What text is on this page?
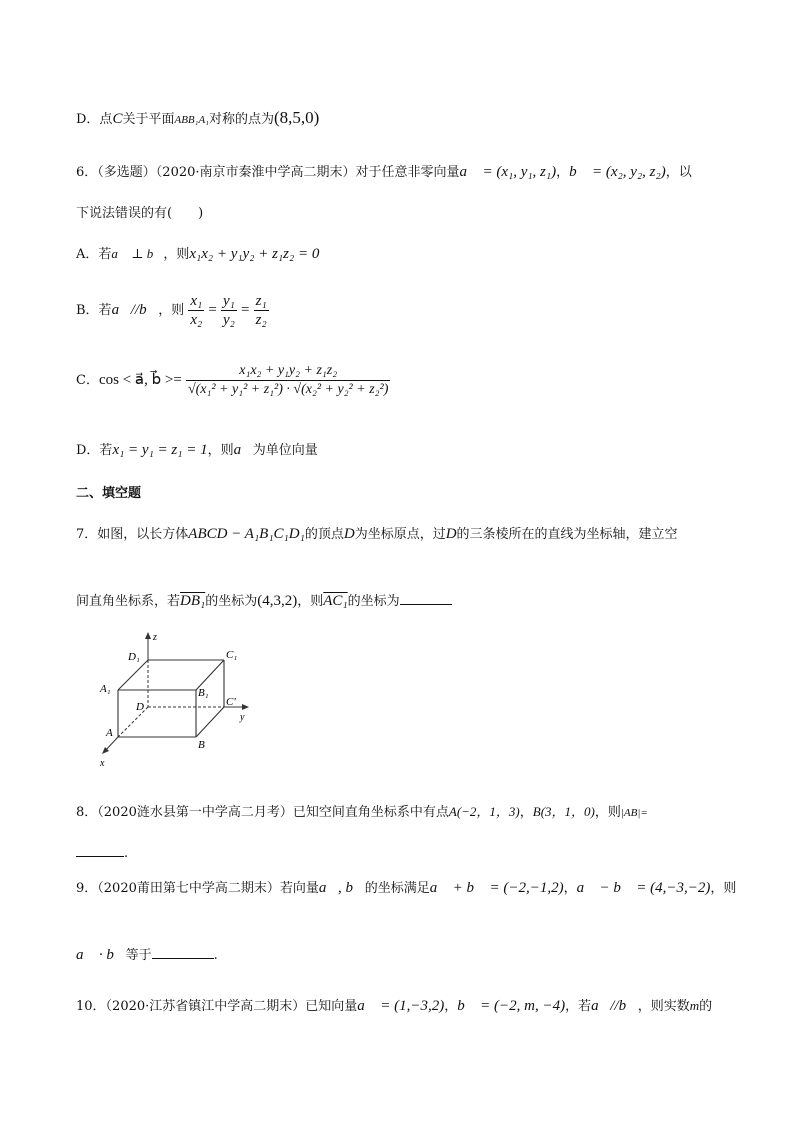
D．点C关于平面ABB₁A₁对称的点为(8,5,0)
6．（多选题）（2020·南京市秦淮中学高二期末）对于任意非零向量a⃗ = (x₁, y₁, z₁)，b⃗ = (x₂, y₂, z₂)，以
下说法错误的有(　　)
A．若a⃗ ⊥ b⃗，则x₁x₂ + y₁y₂ + z₁z₂ = 0
B．若a⃗//b⃗，则 $\frac{\text{x₁}}{\text{x₂}} = \frac{\text{y₁}}{\text{y₂}} = \frac{\text{z₁}}{\text{z₂}}$
C．cos < a⃗, b⃗ >= $\frac{\text{x₁x₂ + y₁y₂ + z₁z₂}}{\text{√(x₁² + y₁² + z₁²) · √(x₂² + y₂² + z₂²)}}$
D．若x₁ = y₁ = z₁ = 1，则a⃗为单位向量
二、填空题
7．如图，以长方体ABCD − A₁B₁C₁D₁的顶点D为坐标原点，过D的三条棱所在的直线为坐标轴，建立空
间直角坐标系，若DB₁的坐标为(4,3,2)，则AC₁的坐标为
z
y
x
D₁	C₁
A₁	B₁
D	C'
A
B
8．（2020涟水县第一中学高二月考）已知空间直角坐标系中有点A(−2，1，3)，B(3，1，0)，则|AB|=
.
9．（2020莆田第七中学高二期末）若向量a⃗, b⃗的坐标满足a⃗ + b⃗ = (−2,−1,2)，a⃗ − b⃗ = (4,−3,−2)，则
a⃗ · b⃗等于	.
10．（2020·江苏省镇江中学高二期末）已知向量a⃗ = (1,−3,2)，b⃗ = (−2, m, −4)，若a⃗//b⃗，则实数m的
